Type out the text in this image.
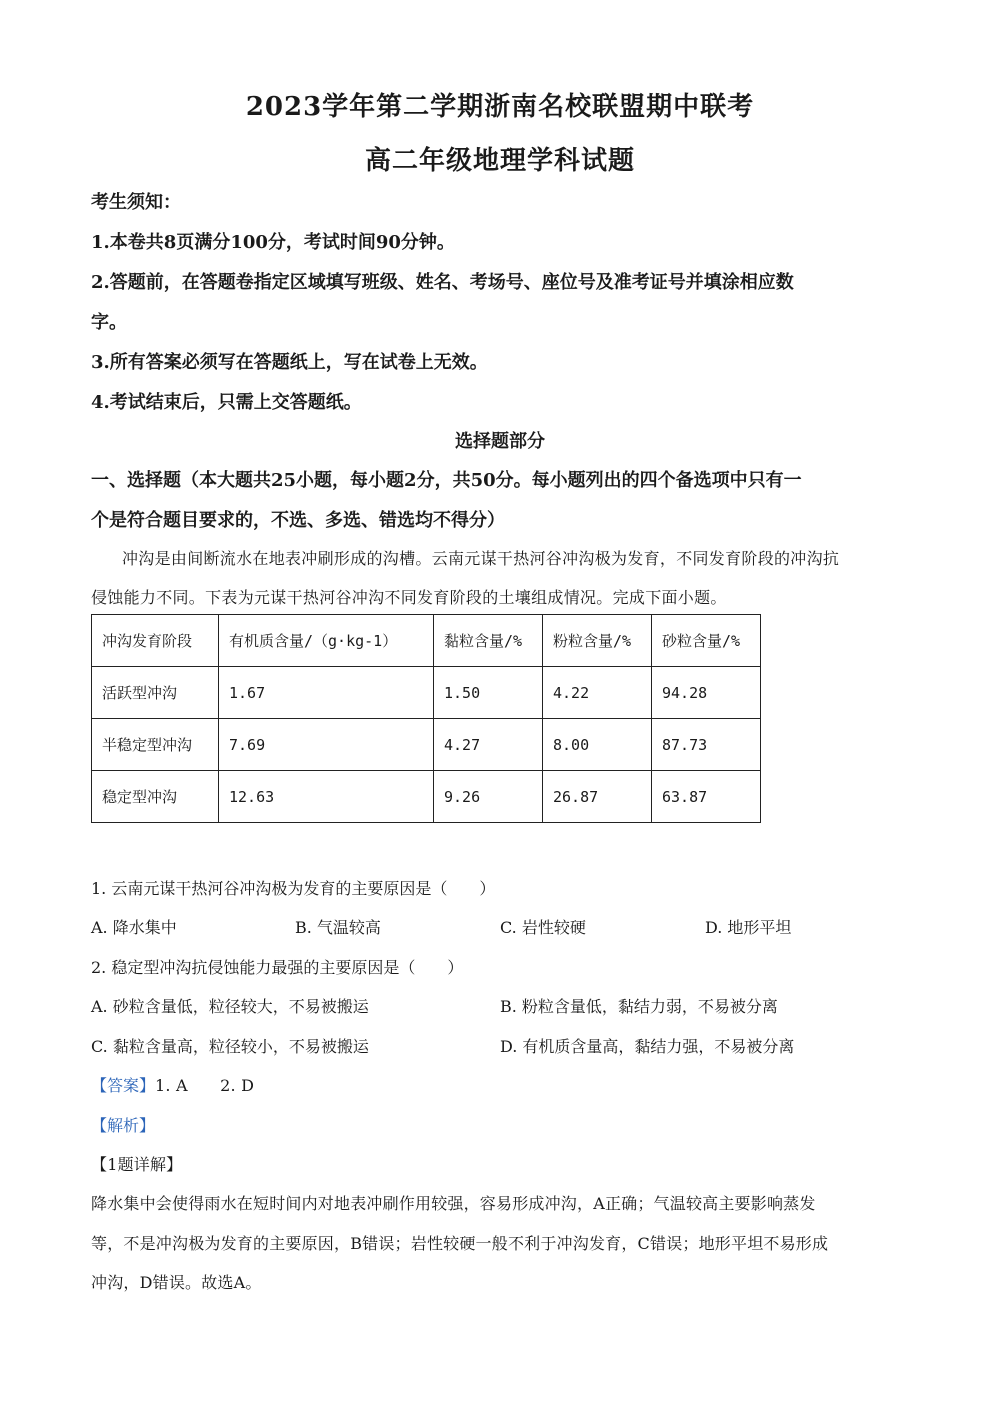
2023学年第二学期浙南名校联盟期中联考
高二年级地理学科试题
考生须知：
1.本卷共8页满分100分，考试时间90分钟。
2.答题前，在答题卷指定区域填写班级、姓名、考场号、座位号及准考证号并填涂相应数
字。
3.所有答案必须写在答题纸上，写在试卷上无效。
4.考试结束后，只需上交答题纸。
选择题部分
一、选择题（本大题共25小题，每小题2分，共50分。每小题列出的四个备选项中只有一
个是符合题目要求的，不选、多选、错选均不得分）
冲沟是由间断流水在地表冲刷形成的沟槽。云南元谋干热河谷冲沟极为发育，不同发育阶段的冲沟抗
侵蚀能力不同。下表为元谋干热河谷冲沟不同发育阶段的土壤组成情况。完成下面小题。
冲沟发育阶段	有机质含量/（g·kg-1）	黏粒含量/%	粉粒含量/%	砂粒含量/%
活跃型冲沟	1.67	1.50	4.22	94.28
半稳定型冲沟	7.69	4.27	8.00	87.73
稳定型冲沟	12.63	9.26	26.87	63.87
1. 云南元谋干热河谷冲沟极为发育的主要原因是（　　）
A. 降水集中	B. 气温较高	C. 岩性较硬	D. 地形平坦
2. 稳定型冲沟抗侵蚀能力最强的主要原因是（　　）
A. 砂粒含量低，粒径较大，不易被搬运	B. 粉粒含量低，黏结力弱，不易被分离
C. 黏粒含量高，粒径较小，不易被搬运	D. 有机质含量高，黏结力强，不易被分离
【答案】1. A　　2. D
【解析】
【1题详解】
降水集中会使得雨水在短时间内对地表冲刷作用较强，容易形成冲沟，A正确；气温较高主要影响蒸发
等，不是冲沟极为发育的主要原因，B错误；岩性较硬一般不利于冲沟发育，C错误；地形平坦不易形成
冲沟，D错误。故选A。
